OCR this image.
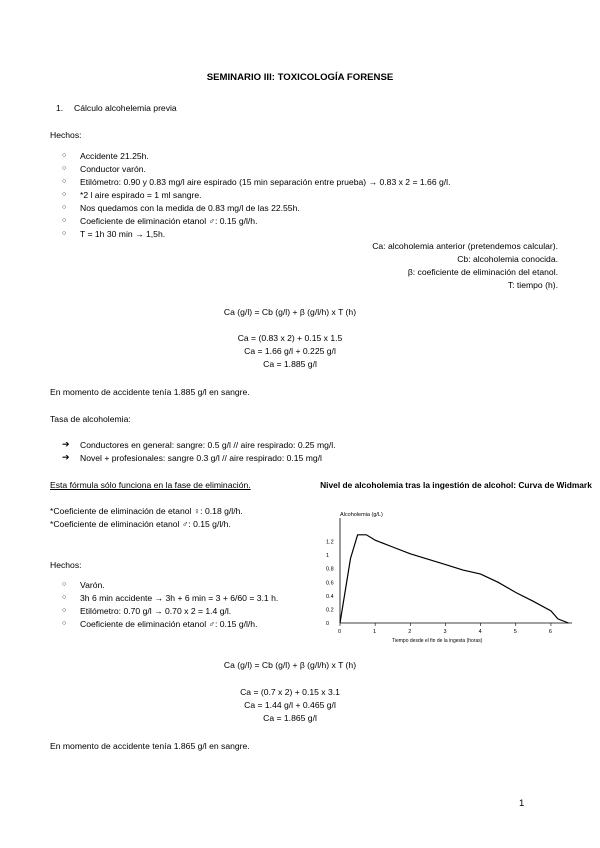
SEMINARIO III: TOXICOLOGÍA FORENSE
1. Cálculo alcohelemia previa
Hechos:
○ Accidente 21.25h.
○ Conductor varón.
○ Etilómetro: 0.90 y 0.83 mg/l aire espirado (15 min separación entre prueba) → 0.83 x 2 = 1.66 g/l.
○ *2 l aire espirado = 1 ml sangre.
○ Nos quedamos con la medida de 0.83 mg/l de las 22.55h.
○ Coeficiente de eliminación etanol ♂: 0.15 g/l/h.
○ T = 1h 30 min → 1,5h.
Ca: alcoholemia anterior (pretendemos calcular).
Cb: alcoholemia conocida.
β: coeficiente de eliminación del etanol.
T: tiempo (h).
Ca (g/l) = Cb (g/l) + β (g/l/h) x T (h)
Ca = (0.83 x 2) + 0.15 x 1.5
Ca = 1.66 g/l + 0.225 g/l
Ca = 1.885 g/l
En momento de accidente tenía 1.885 g/l en sangre.
Tasa de alcoholemia:
➔ Conductores en general: sangre: 0.5 g/l // aire respirado: 0.25 mg/l.
➔ Novel + profesionales: sangre 0.3 g/l // aire respirado: 0.15 mg/l
Esta fórmula sólo funciona en la fase de eliminación.
*Coeficiente de eliminación de etanol ♀: 0.18 g/l/h.
*Coeficiente de eliminación etanol ♂: 0.15 g/l/h.
Hechos:
○ Varón.
○ 3h 6 min accidente → 3h + 6 min = 3 + 6/60 = 3.1 h.
○ Etilómetro: 0.70 g/l → 0.70 x 2 = 1.4 g/l.
○ Coeficiente de eliminación etanol ♂: 0.15 g/l/h.
Ca (g/l) = Cb (g/l) + β (g/l/h) x T (h)
Ca = (0.7 x 2) + 0.15 x 3.1
Ca = 1.44 g/l + 0.465 g/l
Ca = 1.865 g/l
En momento de accidente tenía 1.865 g/l en sangre.
Nivel de alcoholemia tras la ingestión de alcohol: Curva de Widmark
Alcoholemia (g/L)
Tiempo desde el fin de la ingesta (horas)
0	1	2	3	4	5	6
0
0.2
0.4
0.6
0.8
1
1.2
1
